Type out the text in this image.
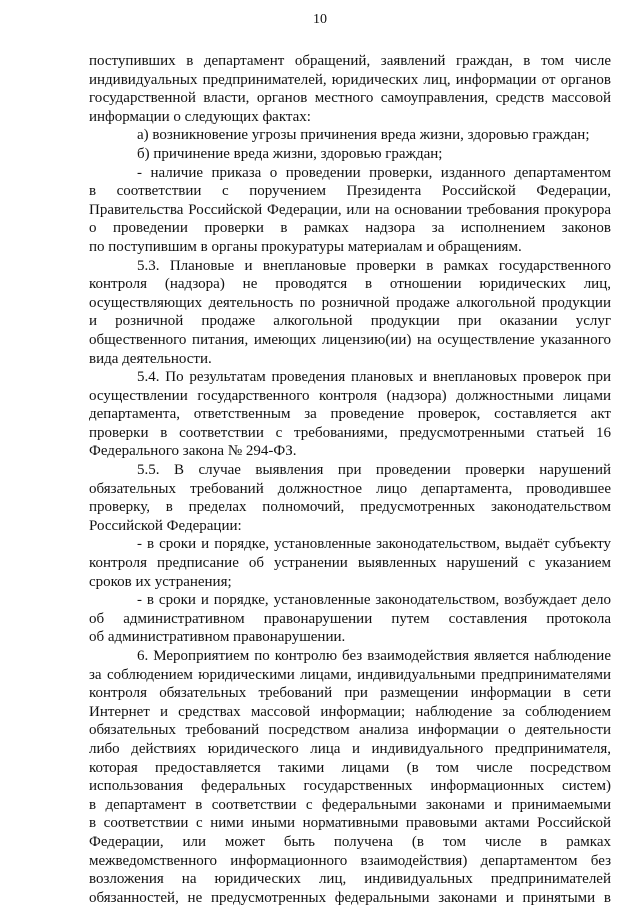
10

поступивших в департамент обращений, заявлений граждан, в том числе

индивидуальных предпринимателей, юридических лиц, информации от органов

государственной власти, органов местного самоуправления, средств массовой

информации о следующих фактах:

а) возникновение угрозы причинения вреда жизни, здоровью граждан;

б) причинение вреда жизни, здоровью граждан;

- наличие приказа о проведении проверки, изданного департаментом

в соответствии с поручением Президента Российской Федерации,

Правительства Российской Федерации, или на основании требования прокурора

о проведении проверки в рамках надзора за исполнением законов

по поступившим в органы прокуратуры материалам и обращениям.

5.3. Плановые и внеплановые проверки в рамках государственного

контроля (надзора) не проводятся в отношении юридических лиц,

осуществляющих деятельность по розничной продаже алкогольной продукции

и розничной продаже алкогольной продукции при оказании услуг

общественного питания, имеющих лицензию(ии) на осуществление указанного

вида деятельности.

5.4. По результатам проведения плановых и внеплановых проверок при

осуществлении государственного контроля (надзора) должностными лицами

департамента, ответственным за проведение проверок, составляется акт

проверки в соответствии с требованиями, предусмотренными статьей 16

Федерального закона № 294-ФЗ.

5.5. В случае выявления при проведении проверки нарушений

обязательных требований должностное лицо департамента, проводившее

проверку, в пределах полномочий, предусмотренных законодательством

Российской Федерации:

- в сроки и порядке, установленные законодательством, выдаёт субъекту

контроля предписание об устранении выявленных нарушений с указанием

сроков их устранения;

- в сроки и порядке, установленные законодательством, возбуждает дело

об административном правонарушении путем составления протокола

об административном правонарушении.

6. Мероприятием по контролю без взаимодействия является наблюдение

за соблюдением юридическими лицами, индивидуальными предпринимателями

контроля обязательных требований при размещении информации в сети

Интернет и средствах массовой информации; наблюдение за соблюдением

обязательных требований посредством анализа информации о деятельности

либо действиях юридического лица и индивидуального предпринимателя,

которая предоставляется такими лицами (в том числе посредством

использования федеральных государственных информационных систем)

в департамент в соответствии с федеральными законами и принимаемыми

в соответствии с ними иными нормативными правовыми актами Российской

Федерации, или может быть получена (в том числе в рамках

межведомственного информационного взаимодействия) департаментом без

возложения на юридических лиц, индивидуальных предпринимателей

обязанностей, не предусмотренных федеральными законами и принятыми в
